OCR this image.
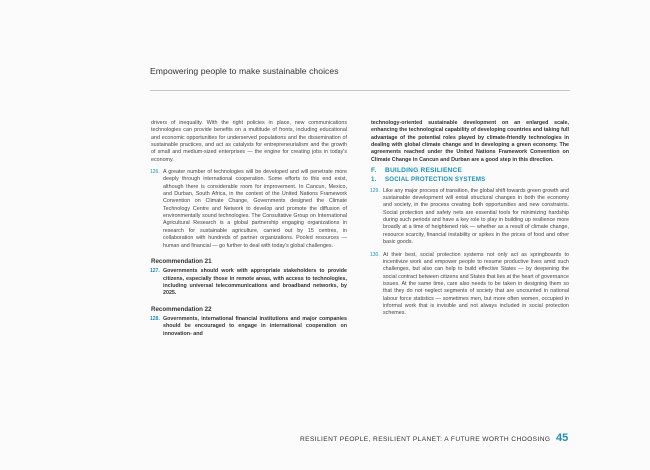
Empowering people to make sustainable choices

drivers of inequality. With the right policies in place, new communications technologies can provide benefits on a multitude of fronts, including educational and economic opportunities for underserved populations and the dissemination of sustainable practices, and act as catalysts for entrepreneurialism and the growth of small and medium-sized enterprises — the engine for creating jobs in today's economy.

126. A greater number of technologies will be developed and will penetrate more deeply through international cooperation. Some efforts to this end exist, although there is considerable room for improvement. In Cancun, Mexico, and Durban, South Africa, in the context of the United Nations Framework Convention on Climate Change, Governments designed the Climate Technology Centre and Network to develop and promote the diffusion of environmentally sound technologies. The Consultative Group on International Agricultural Research is a global partnership engaging organizations in research for sustainable agriculture, carried out by 15 centres, in collaboration with hundreds of partner organizations. Pooled resources — human and financial — go further to deal with today's global challenges.
Recommendation 21
127. Governments should work with appropriate stakeholders to provide citizens, especially those in remote areas, with access to technologies, including universal telecommunications and broadband networks, by 2025.
Recommendation 22
128. Governments, international financial institutions and major companies should be encouraged to engage in international cooperation on innovation- and

technology-oriented sustainable development on an enlarged scale, enhancing the technological capability of developing countries and taking full advantage of the potential roles played by climate-friendly technologies in dealing with global climate change and in developing a green economy. The agreements reached under the United Nations Framework Convention on Climate Change in Cancun and Durban are a good step in this direction.

F. BUILDING RESILIENCE
1. SOCIAL PROTECTION SYSTEMS
129. Like any major process of transition, the global shift towards green growth and sustainable development will entail structural changes in both the economy and society, in the process creating both opportunities and new constraints. Social protection and safety nets are essential tools for minimizing hardship during such periods and have a key role to play in building up resilience more broadly at a time of heightened risk — whether as a result of climate change, resource scarcity, financial instability or spikes in the prices of food and other basic goods.
130. At their best, social protection systems not only act as springboards to incentivize work and empower people to resume productive lives amid such challenges, but also can help to build effective States — by deepening the social contract between citizens and States that lies at the heart of governance issues. At the same time, care also needs to be taken in designing them so that they do not neglect segments of society that are uncounted in national labour force statistics — sometimes men, but more often women, occupied in informal work that is invisible and not always included in social protection schemes.
RESILIENT PEOPLE, RESILIENT PLANET: A FUTURE WORTH CHOOSING 45
